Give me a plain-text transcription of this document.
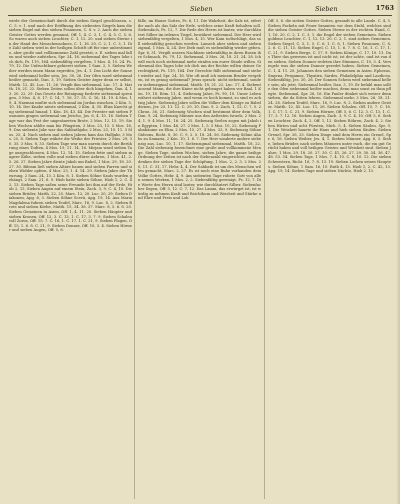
Sieben	Sieben	Sieben	1763

wirde der Gemeinschaft durch die sieben Siegel geschlossen, s. C. 5. v. 1. und nach der Eröffnung des siebenten Siegels kam die sieben Engel mit den sieben Posaunen, C. 8. v. 2. Auch die sieben Geister Gottes werden genannt, Off. 1, 4. C. 3, 1. C. 4, 5. C. 5, 6. So waren auch sieben Leuchter, C. 1, 12. 20. und sieben Sterne in der Hand des Menschensohnes, C. 1, 16. 20. C. 2, 1. C. 3, 1. Die Zahl sieben wird in der heiligen Schrift oft für eine unbestimmte, aber große und vollkommene Zahl gesetzt; z. E. sieben mal fallen und wieder aufstehen, Spr. 24, 16. siebenmal des Tages lobe ich dich, Ps. 119, 164. siebenfältig vergelten, 1 Mos. 4, 15. 24. Ps. 79, 12. Die Unfruchtbare gebieret sieben, 1 Sam. 2, 5. Sieben Weiber werden einen Mann ergreifen, Jes. 4, 1. Das Licht der Sonne wird siebenmal heller sein, Jes. 30, 26. Der Ofen ward siebenmal heißer gemacht, Dan. 3, 19. Sieben Geister ärger denn er selbst, Matth. 12, 45. Luc. 11, 26. Vergib ihm siebenmal, Luc. 17, 4. Matth. 18, 21. 22. Sieben Zeiten sollen über dich hingehen, Dan. 4, 13. 20. 22. 29. Das Gesetz der Reinigung forderte siebenmal sprengen, 3 Mos. 4, 6. 17. C. 14, 7. 16. 27. 51. C. 16, 14. 19. 4 Mos. 19, 4. Naeman mußte sich siebenmal im Jordan waschen, 2 Kön. 5, 10. 14. Der Knabe nieste siebenmal, 2 Kön. 4, 35. Elias Knecht ging siebenmal hinauf, 1 Kön. 18, 43. 44. Die Priester mit sieben Posaunen gingen siebenmal um Jericho, Jos. 6, 4. 15. 16. Sieben Tage war das Fest der ungesäuerten Brote, 2 Mos. 12, 15. 19. Sieben Wochen zählte man bis Pfingsten, 3 Mos. 23, 15. 5 Mos. 16, 9. Das siebente Jahr war das Sabbathjahr, 2 Mos. 23, 10. 11. 3 Mos. 25, 4. Nach sieben mal sieben Jahren kam das Halljahr, 3 Mos. 25, 8. Sieben Tage währte die Weihe der Priester, 2 Mos. 29, 30. 35. 3 Mos. 8, 33. Sieben Tage war man unrein durch die Berührung eines Todten, 4 Mos. 19, 11. 14. 16. Mirjam ward sieben Tage ausgeschlossen, 4 Mos. 12, 14. 15. Sieben fette und sieben magere Kühe, sieben volle und sieben dürre Aehren, 1 Mos. 41, 2. 5. 26. 27. Sieben Jahre diente Jakob um Rahel, 1 Mos. 29, 18. 20. 27. 30. Bileam ließ sieben Altäre bauen und sieben Farren und sieben Widder opfern, 4 Mos. 23, 1. 4. 14. 29. Sieben Jahre der Theurung, 2 Sam. 24, 13. 2 Kön. 8, 1. Sieben Söhne Sauls wurden gehängt, 2 Sam. 21, 6. 9. Hiob hatte sieben Söhne, Hiob 1, 2. C. 42, 13. Sieben Tage saßen seine Freunde bei ihm auf der Erde, Hiob 2, 13. Sieben Augen auf einem Stein, Zach. 3, 9. C. 4, 10. Die sieben Brüder, Matth. 22, 25. Marc. 12, 20. Luc. 20, 29. Sieben Diakonen, Apg. 6, 3. Sieben Söhne Scevä, Apg. 19, 14. Aus Maria Magdalena fuhren sieben Teufel, Marc. 16, 9. Luc. 8, 2. Sieben Brote und sieben Körbe, Matth. 15, 34. 36. 37. Marc. 8, 5. 6. 8. 20. Sieben Gemeinen in Asien, Off. 1, 4. 11. 20. Sieben Häupter und sieben Kronen, Off. 12, 3. C. 13, 1. C. 17, 3. 7. 9. Sieben Schalen voll Zorns, Off. 15, 7. C. 16, 1. C. 17, 1. C. 21, 9. Sieben Plagen, Off. 15, 1. 6. 8. C. 21, 9. Sieben Donner, Off. 10, 3. 4. Sieben Hörner und sieben Augen, Off. 5, 6.

fälle, im Hause Gottes, Ps. 6, 11. Die Wahrheit, die Salz ist, eifert ihr nach als das Salz der Erde, welches seine Kraft behalten soll. Siebenfach, Ps. 12, 7. Die Rede des Herrn ist lauter, wie durchläutert Silber im irdenen Tiegel, bewähret siebenmal. Der Herr wird siebenfältig vergelten, 1 Mos. 4, 15. Wer Kain todtschlägt, das soll siebenfältig gerochen werden. Lamech aber sieben und siebenzigmal, 1 Mos. 4, 24. Der Dieb muß es siebenfältig wieder geben, Spr. 6, 31. Vergilt unsern Nachbarn siebenfältig in ihren Busen ihre Schmach, Ps. 79, 12. Siebenmal, 3 Mos. 26, 18. 21. 24. 28. Ich will euch noch siebenmal mehr strafen um eurer Sünde willen. Siebenmal des Tages lobe ich dich um der Rechte willen deiner Gerechtigkeit, Ps. 119, 164. Der Gerechte fällt siebenmal und stehet wieder auf, Spr. 24, 16. Wie oft muß ich meinem Bruder vergeben, ist es genug siebenmal? Jesus sprach: nicht siebenmal, sondern siebenzigmal siebenmal, Matth. 18, 21. 22. Luc. 17, 4. Siebentausend Mann, die ihre Kniee nicht gebeuget haben vor Baal, 1 Kön. 19, 18. Röm. 11, 4. Siebenzig Jahre, Ps. 90, 10. Unser Leben währet siebenzig Jahre, und wenn es hoch kommt, so sind es achtzig Jahre. Siebenzig Jahre sollen die Völker dem Könige zu Babel dienen, Jer. 25, 11. 12. C. 29, 10. Dan. 9, 2. Zach. 1, 12. C. 7, 5. 2 Chron. 36, 21. Siebenzig Wochen sind bestimmt über dein Volk, Dan. 9, 24. Siebenzig Männer aus den Aeltesten Israels, 2 Mos. 24, 1. 9. 4 Mos. 11, 16. 24. 25. Siebenzig Seelen zogen mit Jakob in Egypten, 1 Mos. 46, 27. 2 Mos. 1, 5. 5 Mos. 10, 22. Siebenzig Palmbäume zu Elim, 2 Mos. 15, 27. 4 Mos. 33, 9. Siebenzig Söhne Gideons, Richt. 8, 30. C. 9, 2. 5. 18. 24. 56. Siebenzig Söhne Ahabs zu Samaria, 2 Kön. 10, 1. 6. 7. Der Herr sonderte andere siebenzig aus, Luc. 10, 1. 17. Siebenzigmal siebenmal, Matth. 18, 22. Die Zahl siebenzig bezeichnet eine große und vollkommene Menge. Sieben Tage, sieben Wochen, sieben Jahre, die ganze heilige Ordnung der Zeiten ist nach der Siebenzahl eingerichtet, zum Andenken der sieben Tage der Schöpfung, 1 Mos. 2, 2. 3. 2 Mos. 20, 11. C. 31, 17. Hebr. 4, 4. Der Sabbath ist um des Menschen willen gemacht, Marc. 2, 27. Es ist noch eine Ruhe vorhanden dem Volke Gottes, Hebr. 4, 9. Am siebenten Tage ruhete Gott von allen seinen Werken, 1 Mos. 2, 2. Siebenfältig gereinigt, Ps. 12, 7. Die Worte des Herrn sind lauter, wie durchläutert Silber. Siebenfacher Segen, Off. 5, 12. C. 7, 12. Das Lamm, das erwürget ist, ist würdig zu nehmen Kraft und Reichthum und Weisheit und Stärke und Ehre und Preis und Lob.

Off. 5, 6. die sieben Geister Gottes, gesandt in alle Lande. C. 4, 5. Sieben Fackeln mit Feuer brannten vor dem Stuhl, welches sind die sieben Geister Gottes. Sieben Sterne in der rechten Hand, C. 1, 16. 20. C. 2, 1. C. 3, 1. die Engel der sieben Gemeinen. Sieben goldene Leuchter, C. 1, 12. 13. 20. C. 2, 1. sind sieben Gemeinen. Sieben Siegel, C. 5, 1. 5. C. 6, 1. C. 8, 1. Sieben Posaunen, C. 8, 2. 6. C. 11, 15. Sieben Engel, C. 15, 1. 6. 7. 8. C. 16, 1. C. 17, 1. C. 21, 9. Sieben Berge, C. 17, 9. Sieben Könige, C. 17, 10. 11. Das Thier das gewesen ist und nicht ist, ist der achte, und ist von den sieben. Sieben Donner redeten ihre Stimmen, C. 10, 3. 4. Versiegele was die sieben Donner geredet haben. Sieben Gemeinen, C. 1, 4. 11. 20. Johannes den sieben Gemeinen in Asien. Ephesus, Smyrna, Pergamus, Thyatira, Sardes, Philadelphia und Laodicea. Siebenfältig, Jes. 30, 26. Der Sonnen Schein wird siebenmal heller sein, als jetzt. Siebenmal heißer, Dan. 3, 19. Er befahl man sollte den Ofen siebenmal heißer machen, denn man sonst zu thun pflegte. Siebenmal, Spr. 26, 16. Ein Fauler dünket sich weiser denn sieben, die da Sitten lehren. Siebenmal mehr, 3 Mos. 26, 18. 21. 24. 28. Sieben Teufel, Marc. 16, 9. Luc. 8, 2. Sieben andere Geister, Matth. 12, 45. Luc. 11, 26. Sieben Schalen, Off. 15, 7. C. 16, 1. C. 17, 1. C. 21, 9. Sieben Hörner, Off. 5, 6. C. 12, 3. C. 13, 1. C. 17, 3. 7. 12. 16. Sieben Augen, Zach. 3, 9. C. 4, 10. Off. 5, 6. Sieben Leuchter, Zach. 4, 2. Off. 1, 12. Sieben Röhren, Zach. 4, 2. Sieben Hirten und acht Fürsten, Mich. 5, 4. Sieben Säulen, Spr. 9, 1. Die Weisheit bauete ihr Haus und hieb sieben Säulen. Sieben Greuel, Spr. 26, 25. Sieben Dinge sind dem Herrn ein Greuel, Spr. 6, 16. Sieben Weiber, Jes. 4, 1. Sieben Männer, Apg. 6, 3. Siehe, lieben Brüder, nach sieben Männern unter euch, die ein gut Gerücht haben und voll heiligen Geistes und Weisheit sind. Sieben Jahre, 1 Mos. 29, 18. 20. 27. 30. C. 41, 26. 27. 29. 30. 34. 36. 47. 48. 53. 54. Sieben Tage, 1 Mos. 7, 4. 10. C. 8, 10. 12. Die sieben Schwestern, Richt. 16, 7. 8. 13. 19. Sieben Locken seines Hauptes. Sieben Söhne, 1 Sam. 16, 10. Ruth 4, 15. Hiob 1, 2. C. 42, 13. Apg. 19, 14. Sieben Tage und sieben Nächte, Hiob 2, 13.
